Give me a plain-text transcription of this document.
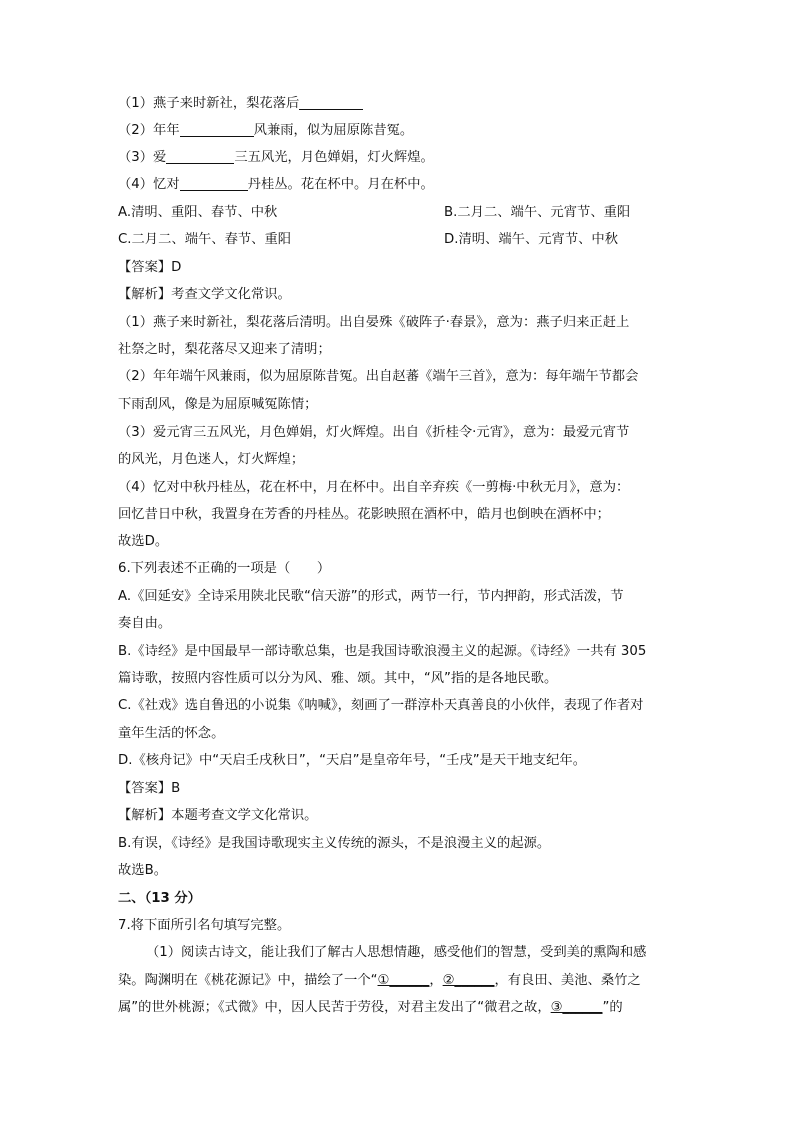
（1）燕子来时新社，梨花落后
（2）年年	风兼雨，似为屈原陈昔冤。
（3）爱	三五风光，月色婵娟，灯火辉煌。
（4）忆对	丹桂丛。花在杯中。月在杯中。
A.清明、重阳、春节、中秋	B.二月二、端午、元宵节、重阳
C.二月二、端午、春节、重阳	D.清明、端午、元宵节、中秋
【答案】D
【解析】考查文学文化常识。
（1）燕子来时新社，梨花落后清明。出自晏殊《破阵子·春景》，意为：燕子归来正赶上
社祭之时，梨花落尽又迎来了清明；
（2）年年端午风兼雨，似为屈原陈昔冤。出自赵蕃《端午三首》，意为：每年端午节都会
下雨刮风，像是为屈原喊冤陈情；
（3）爱元宵三五风光，月色婵娟，灯火辉煌。出自《折桂令·元宵》，意为：最爱元宵节
的风光，月色迷人，灯火辉煌；
（4）忆对中秋丹桂丛，花在杯中，月在杯中。出自辛弃疾《一剪梅·中秋无月》，意为：
回忆昔日中秋，我置身在芳香的丹桂丛。花影映照在酒杯中，皓月也倒映在酒杯中；
故选D。
6.下列表述不正确的一项是（　　）
A.《回延安》全诗采用陕北民歌“信天游”的形式，两节一行，节内押韵，形式活泼，节
奏自由。
B.《诗经》是中国最早一部诗歌总集，也是我国诗歌浪漫主义的起源。《诗经》一共有 305
篇诗歌，按照内容性质可以分为风、雅、颂。其中，“风”指的是各地民歌。
C.《社戏》选自鲁迅的小说集《呐喊》，刻画了一群淳朴天真善良的小伙伴，表现了作者对
童年生活的怀念。
D.《核舟记》中“天启壬戌秋日”，“天启”是皇帝年号，“壬戌”是天干地支纪年。
【答案】B
【解析】本题考查文学文化常识。
B.有误，《诗经》是我国诗歌现实主义传统的源头，不是浪漫主义的起源。
故选B。
二、（13 分）
7.将下面所引名句填写完整。
（1）阅读古诗文，能让我们了解古人思想情趣，感受他们的智慧，受到美的熏陶和感
染。陶渊明在《桃花源记》中，描绘了一个“①______，②______，有良田、美池、桑竹之
属”的世外桃源；《式微》中，因人民苦于劳役，对君主发出了“微君之故，③______”的
